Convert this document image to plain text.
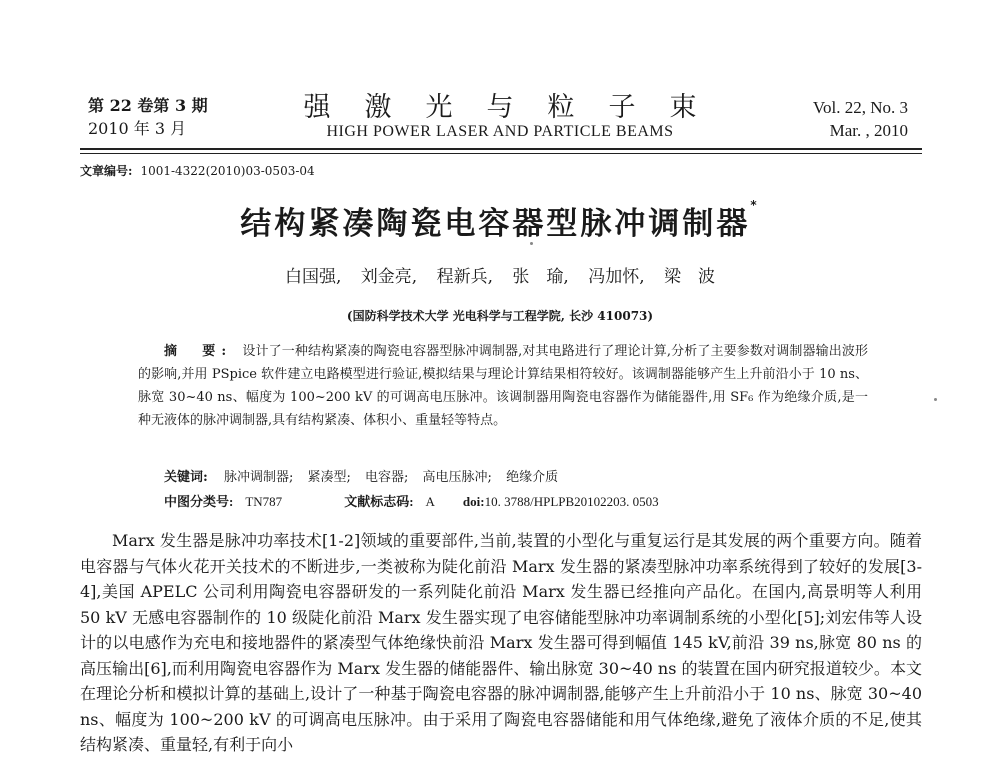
第 22 卷第 3 期
2010 年 3 月
强激光与粒子束
HIGH POWER LASER AND PARTICLE BEAMS
Vol. 22, No. 3
Mar. , 2010
文章编号: 1001-4322(2010)03-0503-04
结构紧凑陶瓷电容器型脉冲调制器*
白国强, 刘金亮, 程新兵, 张　瑜, 冯加怀, 梁　波
(国防科学技术大学 光电科学与工程学院, 长沙 410073)
摘　要: 设计了一种结构紧凑的陶瓷电容器型脉冲调制器,对其电路进行了理论计算,分析了主要参数对调制器输出波形的影响,并用 PSpice 软件建立电路模型进行验证,模拟结果与理论计算结果相符较好。该调制器能够产生上升前沿小于 10 ns、脉宽 30~40 ns、幅度为 100~200 kV 的可调高电压脉冲。该调制器用陶瓷电容器作为储能器件,用 SF₆ 作为绝缘介质,是一种无液体的脉冲调制器,具有结构紧凑、体积小、重量轻等特点。
关键词: 脉冲调制器; 紧凑型; 电容器; 高电压脉冲; 绝缘介质
中图分类号: TN787	文献标志码: A doi:10. 3788/HPLPB20102203. 0503

Marx 发生器是脉冲功率技术[1-2]领域的重要部件,当前,装置的小型化与重复运行是其发展的两个重要方向。随着电容器与气体火花开关技术的不断进步,一类被称为陡化前沿 Marx 发生器的紧凑型脉冲功率系统得到了较好的发展[3-4],美国 APELC 公司利用陶瓷电容器研发的一系列陡化前沿 Marx 发生器已经推向产品化。在国内,高景明等人利用 50 kV 无感电容器制作的 10 级陡化前沿 Marx 发生器实现了电容储能型脉冲功率调制系统的小型化[5];刘宏伟等人设计的以电感作为充电和接地器件的紧凑型气体绝缘快前沿 Marx 发生器可得到幅值 145 kV,前沿 39 ns,脉宽 80 ns 的高压输出[6],而利用陶瓷电容器作为 Marx 发生器的储能器件、输出脉宽 30~40 ns 的装置在国内研究报道较少。本文在理论分析和模拟计算的基础上,设计了一种基于陶瓷电容器的脉冲调制器,能够产生上升前沿小于 10 ns、脉宽 30~40 ns、幅度为 100~200 kV 的可调高电压脉冲。由于采用了陶瓷电容器储能和用气体绝缘,避免了液体介质的不足,使其结构紧凑、重量轻,有利于向小
